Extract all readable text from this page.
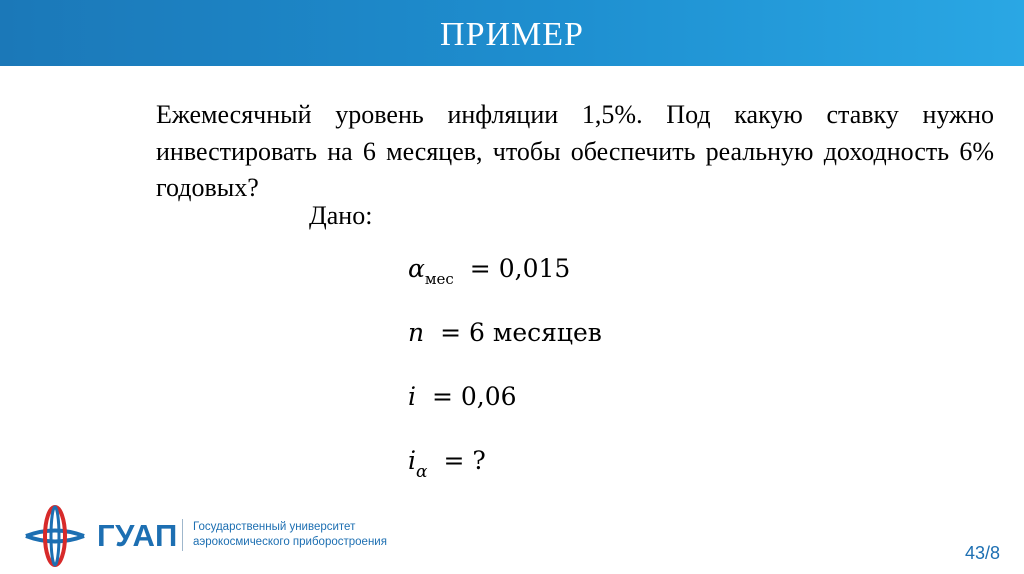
ПРИМЕР
Ежемесячный уровень инфляции 1,5%. Под какую ставку нужно инвестировать на 6 месяцев, чтобы обеспечить реальную доходность 6% годовых?
Дано:
$\alpha_{мес} = 0,015$
n = 6 месяцев
i = 0,06
$i_\alpha$ = ?
ГУАП Государственный университет
аэрокосмического приборостроения
43/8
